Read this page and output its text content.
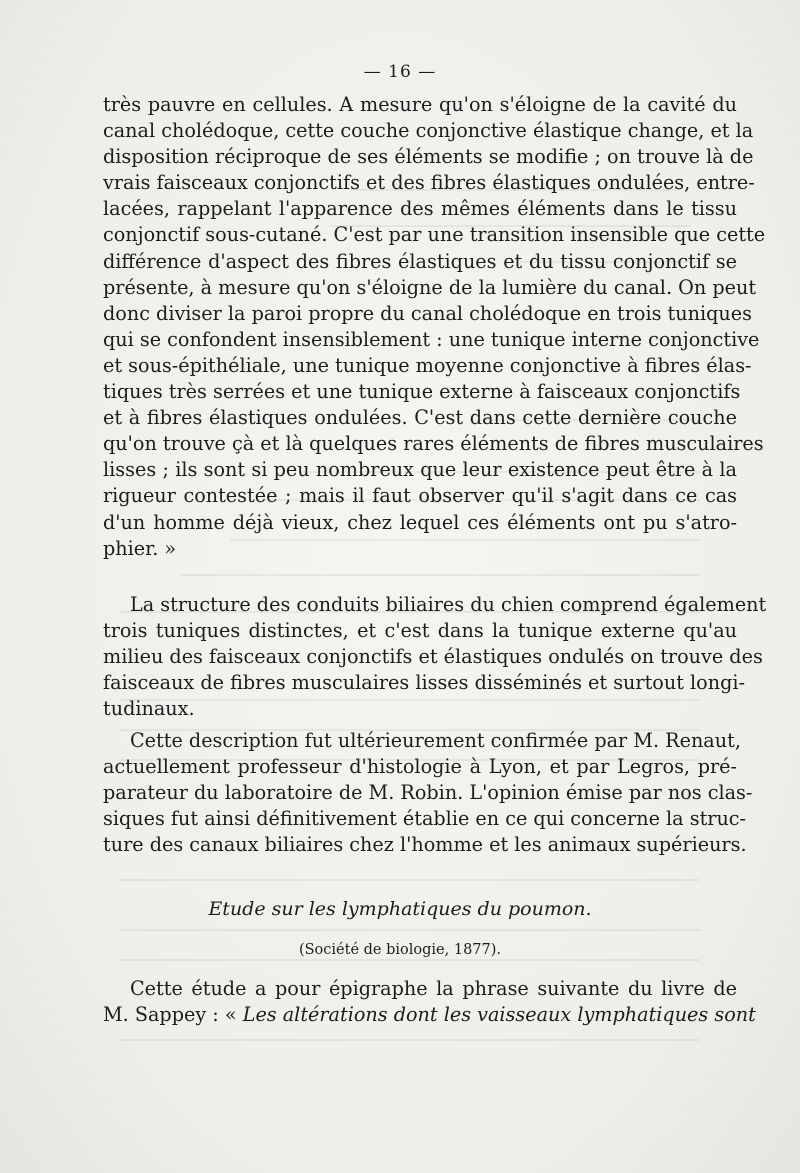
— 16 —
très pauvre en cellules. A mesure qu'on s'éloigne de la cavité du
canal cholédoque, cette couche conjonctive élastique change, et la
disposition réciproque de ses éléments se modifie ; on trouve là de
vrais faisceaux conjonctifs et des fibres élastiques ondulées, entre-
lacées, rappelant l'apparence des mêmes éléments dans le tissu
conjonctif sous-cutané. C'est par une transition insensible que cette
différence d'aspect des fibres élastiques et du tissu conjonctif se
présente, à mesure qu'on s'éloigne de la lumière du canal. On peut
donc diviser la paroi propre du canal cholédoque en trois tuniques
qui se confondent insensiblement : une tunique interne conjonctive
et sous-épithéliale, une tunique moyenne conjonctive à fibres élas-
tiques très serrées et une tunique externe à faisceaux conjonctifs
et à fibres élastiques ondulées. C'est dans cette dernière couche
qu'on trouve çà et là quelques rares éléments de fibres musculaires
lisses ; ils sont si peu nombreux que leur existence peut être à la
rigueur contestée ; mais il faut observer qu'il s'agit dans ce cas
d'un homme déjà vieux, chez lequel ces éléments ont pu s'atro-
phier. »
La structure des conduits biliaires du chien comprend également
trois tuniques distinctes, et c'est dans la tunique externe qu'au
milieu des faisceaux conjonctifs et élastiques ondulés on trouve des
faisceaux de fibres musculaires lisses disséminés et surtout longi-
tudinaux.
Cette description fut ultérieurement confirmée par M. Renaut,
actuellement professeur d'histologie à Lyon, et par Legros, pré-
parateur du laboratoire de M. Robin. L'opinion émise par nos clas-
siques fut ainsi définitivement établie en ce qui concerne la struc-
ture des canaux biliaires chez l'homme et les animaux supérieurs.
Etude sur les lymphatiques du poumon.
(Société de biologie, 1877).
Cette étude a pour épigraphe la phrase suivante du livre de
M. Sappey : « Les altérations dont les vaisseaux lymphatiques sont
